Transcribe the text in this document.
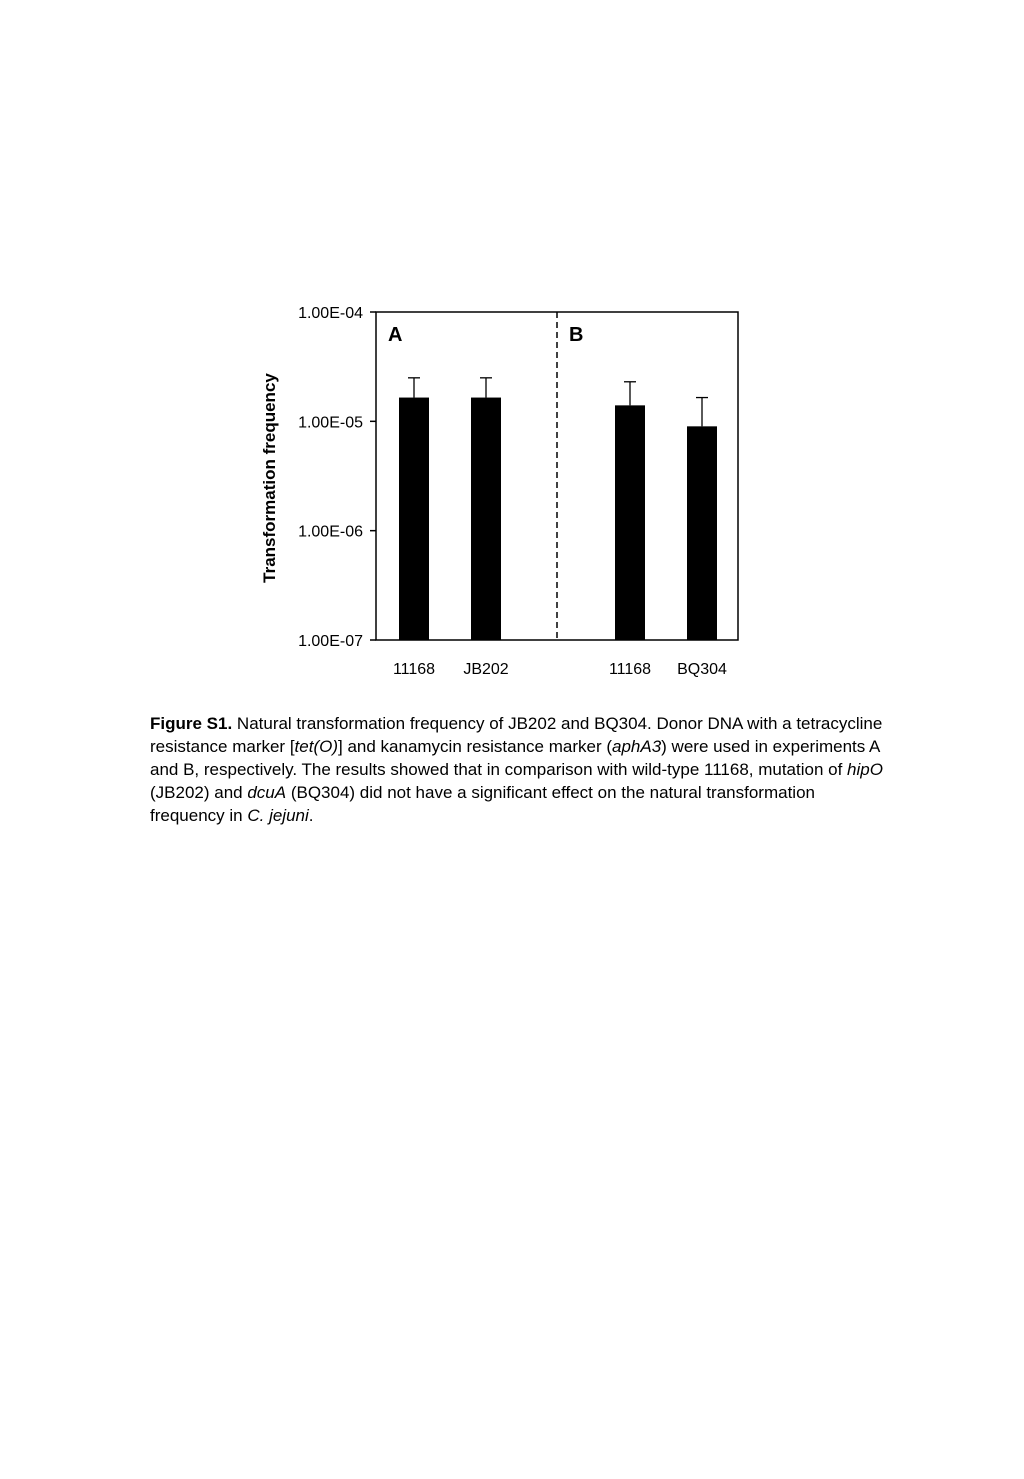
1.00E-04
1.00E-05
1.00E-06
1.00E-07
11168 JB202	11168 BQ304
A	B
Transformation frequency
Figure S1. Natural transformation frequency of JB202 and BQ304. Donor DNA with a tetracycline resistance marker [tet(O)] and kanamycin resistance marker (aphA3) were used in experiments A and B, respectively. The results showed that in comparison with wild-type 11168, mutation of hipO (JB202) and dcuA (BQ304) did not have a significant effect on the natural transformation frequency in C. jejuni.
